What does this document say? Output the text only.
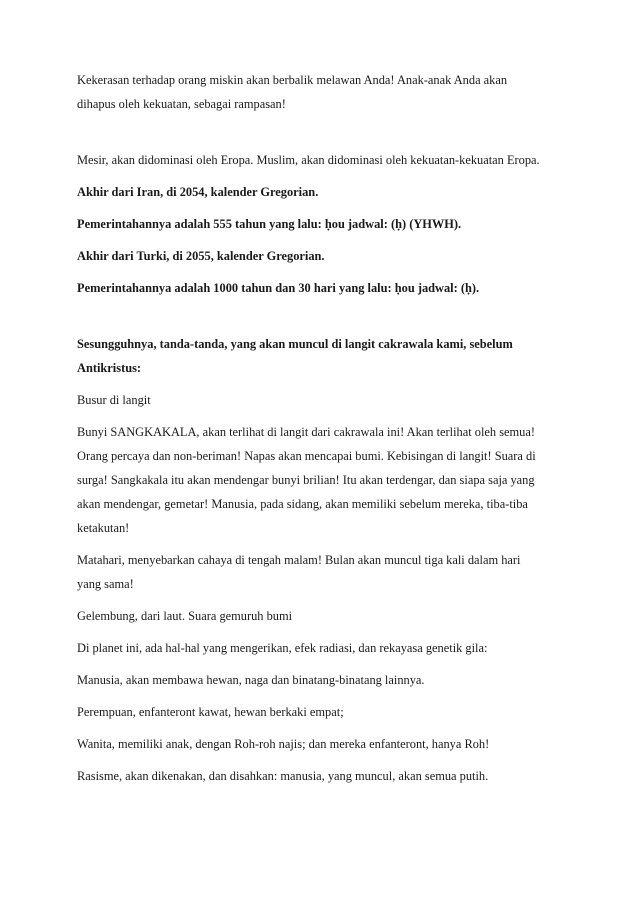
Kekerasan terhadap orang miskin akan berbalik melawan Anda! Anak-anak Anda akan
dihapus oleh kekuatan, sebagai rampasan!

Mesir, akan didominasi oleh Eropa. Muslim, akan didominasi oleh kekuatan-kekuatan Eropa.

Akhir dari Iran, di 2054, kalender Gregorian.

Pemerintahannya adalah 555 tahun yang lalu: ḥou jadwal: (ḥ) (YHWH).

Akhir dari Turki, di 2055, kalender Gregorian.

Pemerintahannya adalah 1000 tahun dan 30 hari yang lalu: ḥou jadwal: (ḥ).

Sesungguhnya, tanda-tanda, yang akan muncul di langit cakrawala kami, sebelum
Antikristus:

Busur di langit

Bunyi SANGKAKALA, akan terlihat di langit dari cakrawala ini! Akan terlihat oleh semua!
Orang percaya dan non-beriman! Napas akan mencapai bumi. Kebisingan di langit! Suara di
surga! Sangkakala itu akan mendengar bunyi brilian! Itu akan terdengar, dan siapa saja yang
akan mendengar, gemetar! Manusia, pada sidang, akan memiliki sebelum mereka, tiba-tiba
ketakutan!

Matahari, menyebarkan cahaya di tengah malam! Bulan akan muncul tiga kali dalam hari
yang sama!

Gelembung, dari laut. Suara gemuruh bumi

Di planet ini, ada hal-hal yang mengerikan, efek radiasi, dan rekayasa genetik gila:

Manusia, akan membawa hewan, naga dan binatang-binatang lainnya.

Perempuan, enfanteront kawat, hewan berkaki empat;

Wanita, memiliki anak, dengan Roh-roh najis; dan mereka enfanteront, hanya Roh!

Rasisme, akan dikenakan, dan disahkan: manusia, yang muncul, akan semua putih.
